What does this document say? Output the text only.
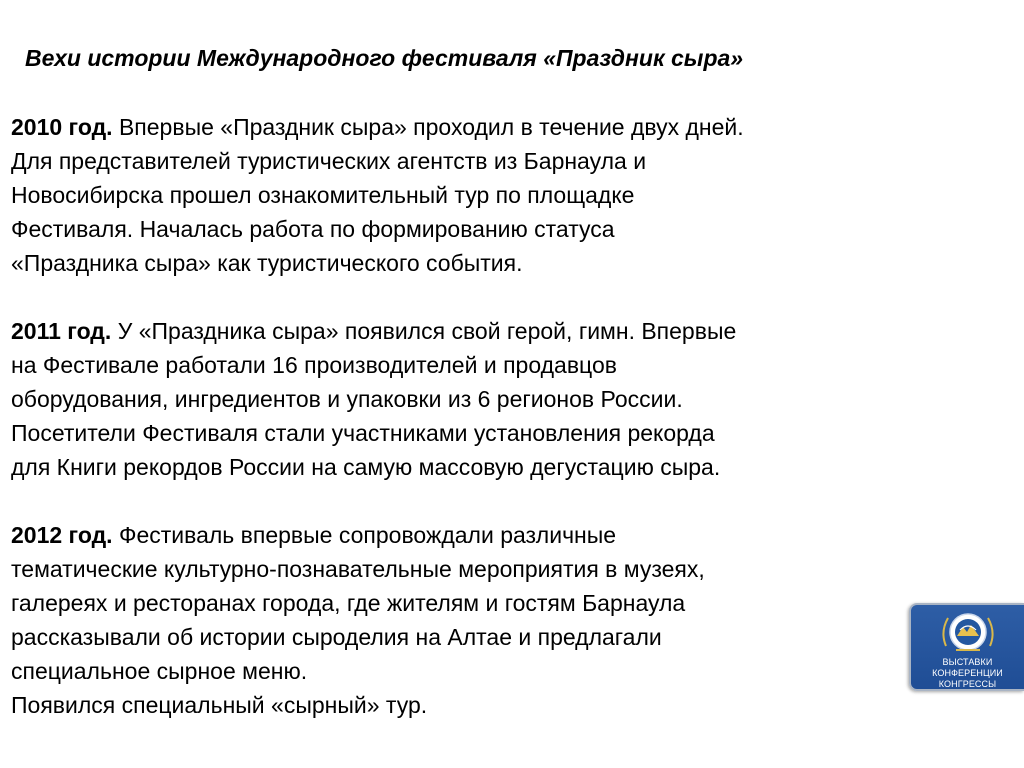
Вехи истории Международного фестиваля «Праздник сыра»
2010 год. Впервые «Праздник сыра» проходил в течение двух дней.
Для представителей туристических агентств из Барнаула и
Новосибирска прошел ознакомительный тур по площадке
Фестиваля. Началась работа по формированию статуса
«Праздника сыра» как туристического события.
2011 год. У «Праздника сыра» появился свой герой, гимн. Впервые
на Фестивале работали 16 производителей и продавцов
оборудования, ингредиентов и упаковки из 6 регионов России.
Посетители Фестиваля стали участниками установления рекорда
для Книги рекордов России на самую массовую дегустацию сыра.
2012 год. Фестиваль впервые сопровождали различные
тематические культурно-познавательные мероприятия в музеях,
галереях и ресторанах города, где жителям и гостям Барнаула
рассказывали об истории сыроделия на Алтае и предлагали
специальное сырное меню.
Появился специальный «сырный» тур.
ВЫСТАВКИ
КОНФЕРЕНЦИИ
КОНГРЕССЫ
